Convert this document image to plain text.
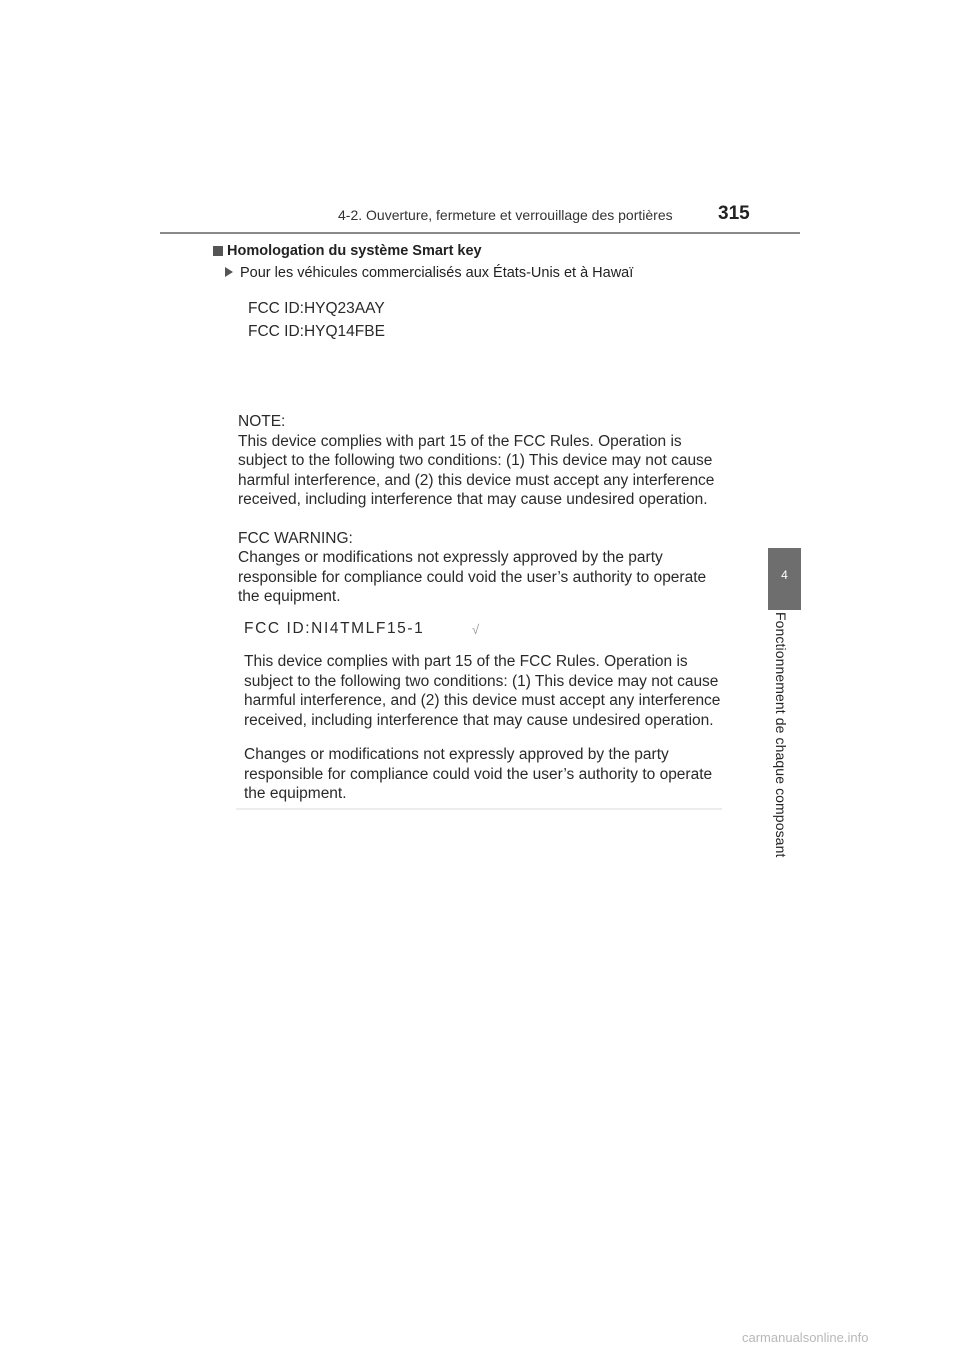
4-2. Ouverture, fermeture et verrouillage des portières 315
4
Fonctionnement de chaque composant
Homologation du système Smart key
Pour les véhicules commercialisés aux États-Unis et à Hawaï
FCC ID:HYQ23AAY
FCC ID:HYQ14FBE

NOTE:

This device complies with part 15 of the FCC Rules. Operation is

subject to the following two conditions: (1) This device may not cause

harmful interference, and (2) this device must accept any interference

received, including interference that may cause undesired operation.

FCC WARNING:

Changes or modifications not expressly approved by the party

responsible for compliance could void the user’s authority to operate

the equipment.

FCC ID:NI4TMLF15-1	√

This device complies with part 15 of the FCC Rules. Operation is

subject to the following two conditions: (1) This device may not cause

harmful interference, and (2) this device must accept any interference

received, including interference that may cause undesired operation.

Changes or modifications not expressly approved by the party

responsible for compliance could void the user’s authority to operate

the equipment.

carmanualsonline.info
